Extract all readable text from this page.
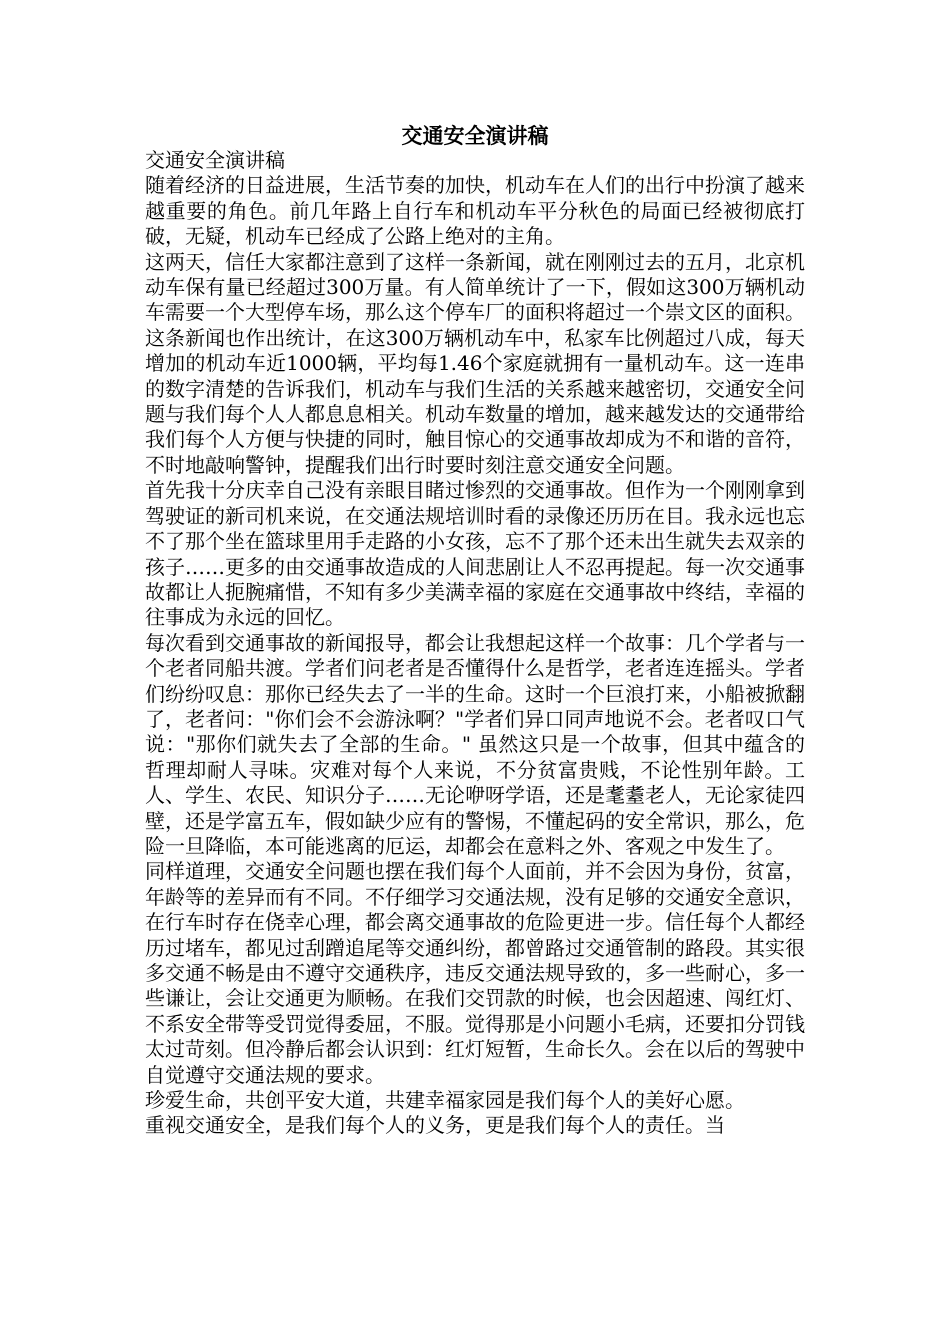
交通安全演讲稿

交通安全演讲稿

随着经济的日益进展，生活节奏的加快，机动车在人们的出行中扮演了越来越重要的角色。前几年路上自行车和机动车平分秋色的局面已经被彻底打破，无疑，机动车已经成了公路上绝对的主角。

这两天，信任大家都注意到了这样一条新闻，就在刚刚过去的五月，北京机动车保有量已经超过300万量。有人简单统计了一下，假如这300万辆机动车需要一个大型停车场，那么这个停车厂的面积将超过一个崇文区的面积。这条新闻也作出统计，在这300万辆机动车中，私家车比例超过八成，每天增加的机动车近1000辆，平均每1.46个家庭就拥有一量机动车。这一连串的数字清楚的告诉我们，机动车与我们生活的关系越来越密切，交通安全问题与我们每个人人都息息相关。机动车数量的增加，越来越发达的交通带给我们每个人方便与快捷的同时，触目惊心的交通事故却成为不和谐的音符，不时地敲响警钟，提醒我们出行时要时刻注意交通安全问题。

首先我十分庆幸自己没有亲眼目睹过惨烈的交通事故。但作为一个刚刚拿到驾驶证的新司机来说，在交通法规培训时看的录像还历历在目。我永远也忘不了那个坐在篮球里用手走路的小女孩，忘不了那个还未出生就失去双亲的孩子……更多的由交通事故造成的人间悲剧让人不忍再提起。每一次交通事故都让人扼腕痛惜，不知有多少美满幸福的家庭在交通事故中终结，幸福的往事成为永远的回忆。

每次看到交通事故的新闻报导，都会让我想起这样一个故事：几个学者与一个老者同船共渡。学者们问老者是否懂得什么是哲学，老者连连摇头。学者们纷纷叹息：那你已经失去了一半的生命。这时一个巨浪打来，小船被掀翻了，老者问："你们会不会游泳啊？"学者们异口同声地说不会。老者叹口气说："那你们就失去了全部的生命。" 虽然这只是一个故事，但其中蕴含的哲理却耐人寻味。灾难对每个人来说，不分贫富贵贱，不论性别年龄。工人、学生、农民、知识分子……无论咿呀学语，还是耄耋老人，无论家徒四壁，还是学富五车，假如缺少应有的警惕，不懂起码的安全常识，那么，危险一旦降临，本可能逃离的厄运，却都会在意料之外、客观之中发生了。

同样道理，交通安全问题也摆在我们每个人面前，并不会因为身份，贫富，年龄等的差异而有不同。不仔细学习交通法规，没有足够的交通安全意识，在行车时存在侥幸心理，都会离交通事故的危险更进一步。信任每个人都经历过堵车，都见过刮蹭追尾等交通纠纷，都曾路过交通管制的路段。其实很多交通不畅是由不遵守交通秩序，违反交通法规导致的，多一些耐心，多一些谦让，会让交通更为顺畅。在我们交罚款的时候，也会因超速、闯红灯、不系安全带等受罚觉得委屈，不服。觉得那是小问题小毛病，还要扣分罚钱太过苛刻。但冷静后都会认识到：红灯短暂，生命长久。会在以后的驾驶中自觉遵守交通法规的要求。

珍爱生命，共创平安大道，共建幸福家园是我们每个人的美好心愿。

重视交通安全，是我们每个人的义务，更是我们每个人的责任。当
